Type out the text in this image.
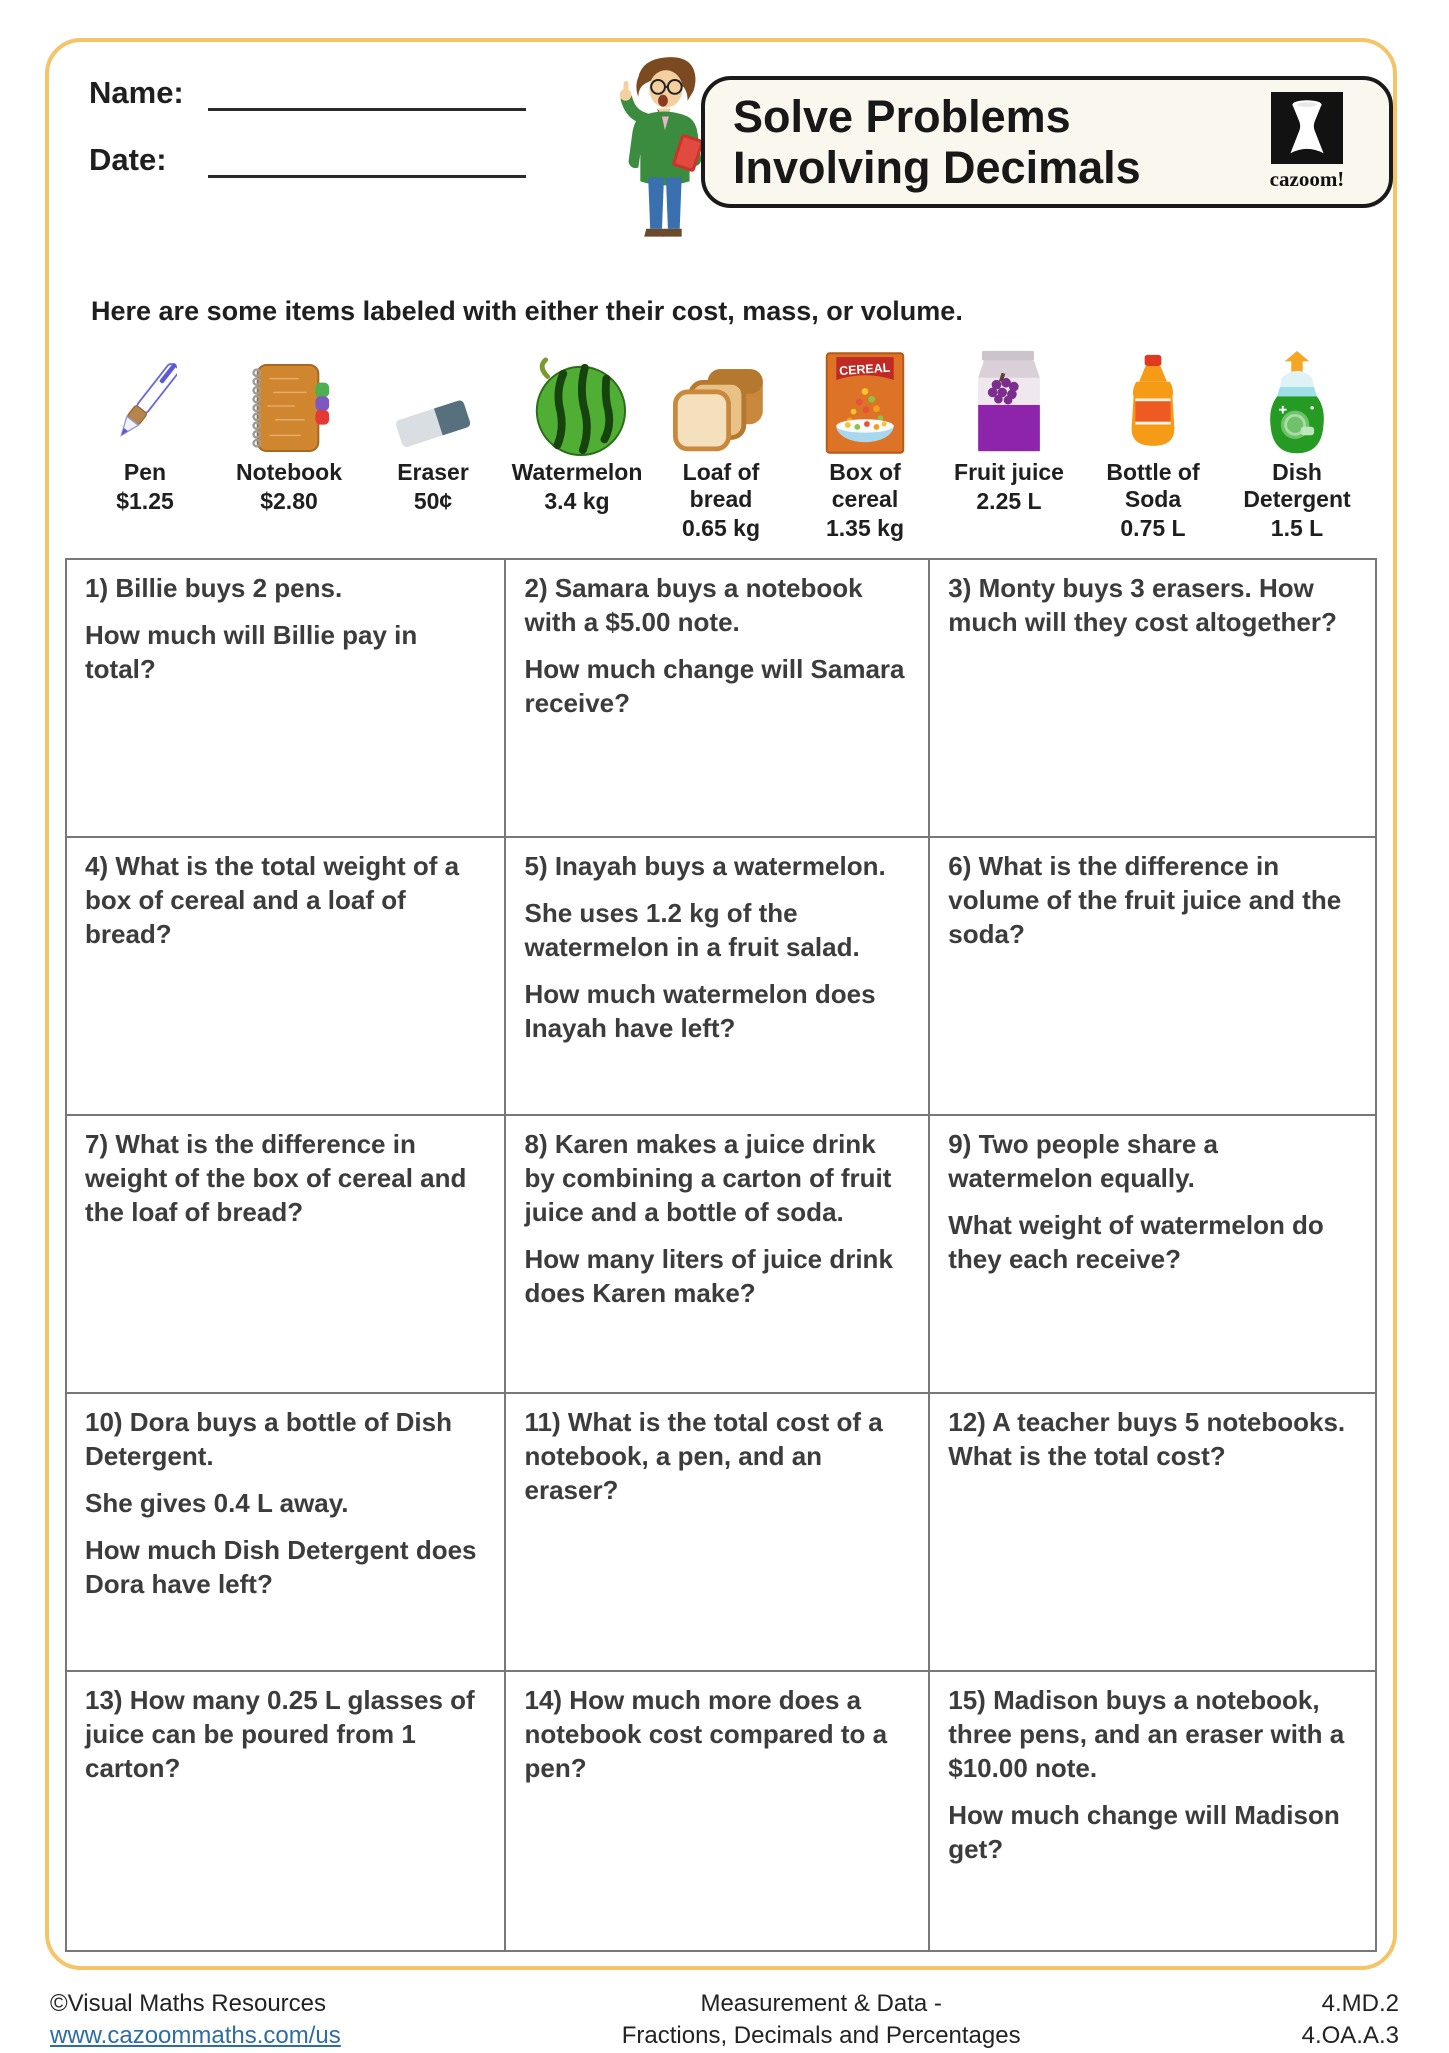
Name:
Date:
Solve Problems
Involving Decimals	cazoom!
Here are some items labeled with either their cost, mass, or volume.
Pen
$1.25
Notebook
$2.80
Eraser
50¢
Watermelon
3.4 kg
Loaf of bread
0.65 kg
CEREAL
Box of cereal
1.35 kg
Fruit juice
2.25 L
Bottle of Soda
0.75 L
Dish Detergent
1.5 L

1) Billie buys 2 pens.

How much will Billie pay in total?

2) Samara buys a notebook with a $5.00 note.

How much change will Samara receive?

3) Monty buys 3 erasers. How much will they cost altogether?

4) What is the total weight of a box of cereal and a loaf of bread?

5) Inayah buys a watermelon.

She uses 1.2 kg of the watermelon in a fruit salad.

How much watermelon does Inayah have left?

6) What is the difference in volume of the fruit juice and the soda?

7) What is the difference in weight of the box of cereal and the loaf of bread?

8) Karen makes a juice drink by combining a carton of fruit juice and a bottle of soda.

How many liters of juice drink does Karen make?

9) Two people share a watermelon equally.

What weight of watermelon do they each receive?

10) Dora buys a bottle of Dish Detergent.

She gives 0.4 L away.

How much Dish Detergent does Dora have left?

11) What is the total cost of a notebook, a pen, and an eraser?

12) A teacher buys 5 notebooks. What is the total cost?

13) How many 0.25 L glasses of juice can be poured from 1 carton?

14) How much more does a notebook cost compared to a pen?

15) Madison buys a notebook, three pens, and an eraser with a $10.00 note.

How much change will Madison get?

©Visual Maths Resources
www.cazoommaths.com/us
Measurement & Data -
Fractions, Decimals and Percentages
4.MD.2
4.OA.A.3
